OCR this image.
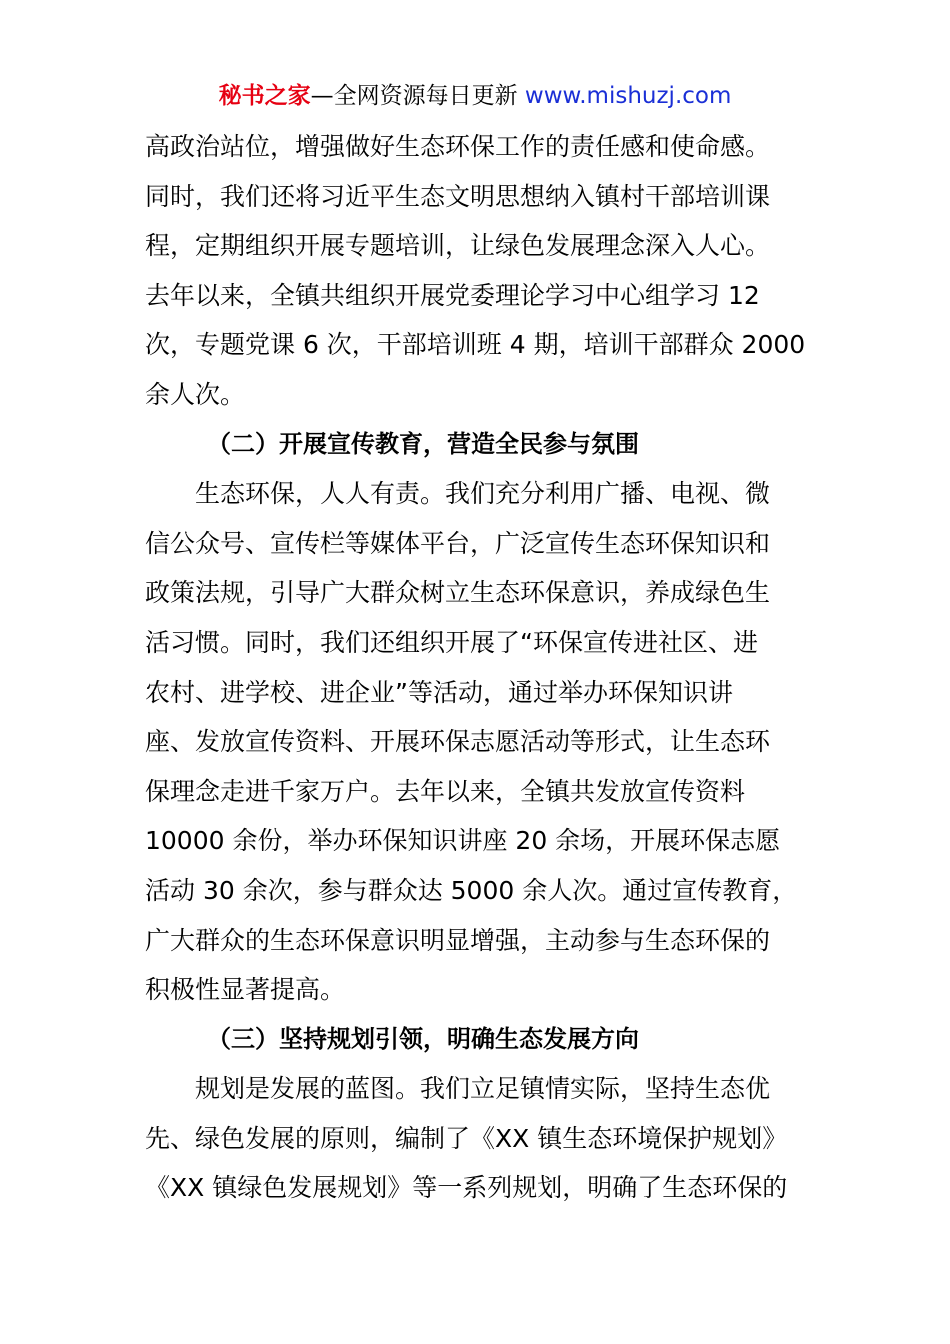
秘书之家—全网资源每日更新 www.mishuzj.com
高政治站位，增强做好生态环保工作的责任感和使命感。
同时，我们还将习近平生态文明思想纳入镇村干部培训课
程，定期组织开展专题培训，让绿色发展理念深入人心。
去年以来，全镇共组织开展党委理论学习中心组学习 12
次，专题党课 6 次，干部培训班 4 期，培训干部群众 2000
余人次。
（二）开展宣传教育，营造全民参与氛围
生态环保，人人有责。我们充分利用广播、电视、微
信公众号、宣传栏等媒体平台，广泛宣传生态环保知识和
政策法规，引导广大群众树立生态环保意识，养成绿色生
活习惯。同时，我们还组织开展了“环保宣传进社区、进
农村、进学校、进企业”等活动，通过举办环保知识讲
座、发放宣传资料、开展环保志愿活动等形式，让生态环
保理念走进千家万户。去年以来，全镇共发放宣传资料
10000 余份，举办环保知识讲座 20 余场，开展环保志愿
活动 30 余次，参与群众达 5000 余人次。通过宣传教育，
广大群众的生态环保意识明显增强，主动参与生态环保的
积极性显著提高。
（三）坚持规划引领，明确生态发展方向
规划是发展的蓝图。我们立足镇情实际，坚持生态优
先、绿色发展的原则，编制了《XX 镇生态环境保护规划》
《XX 镇绿色发展规划》等一系列规划，明确了生态环保的
